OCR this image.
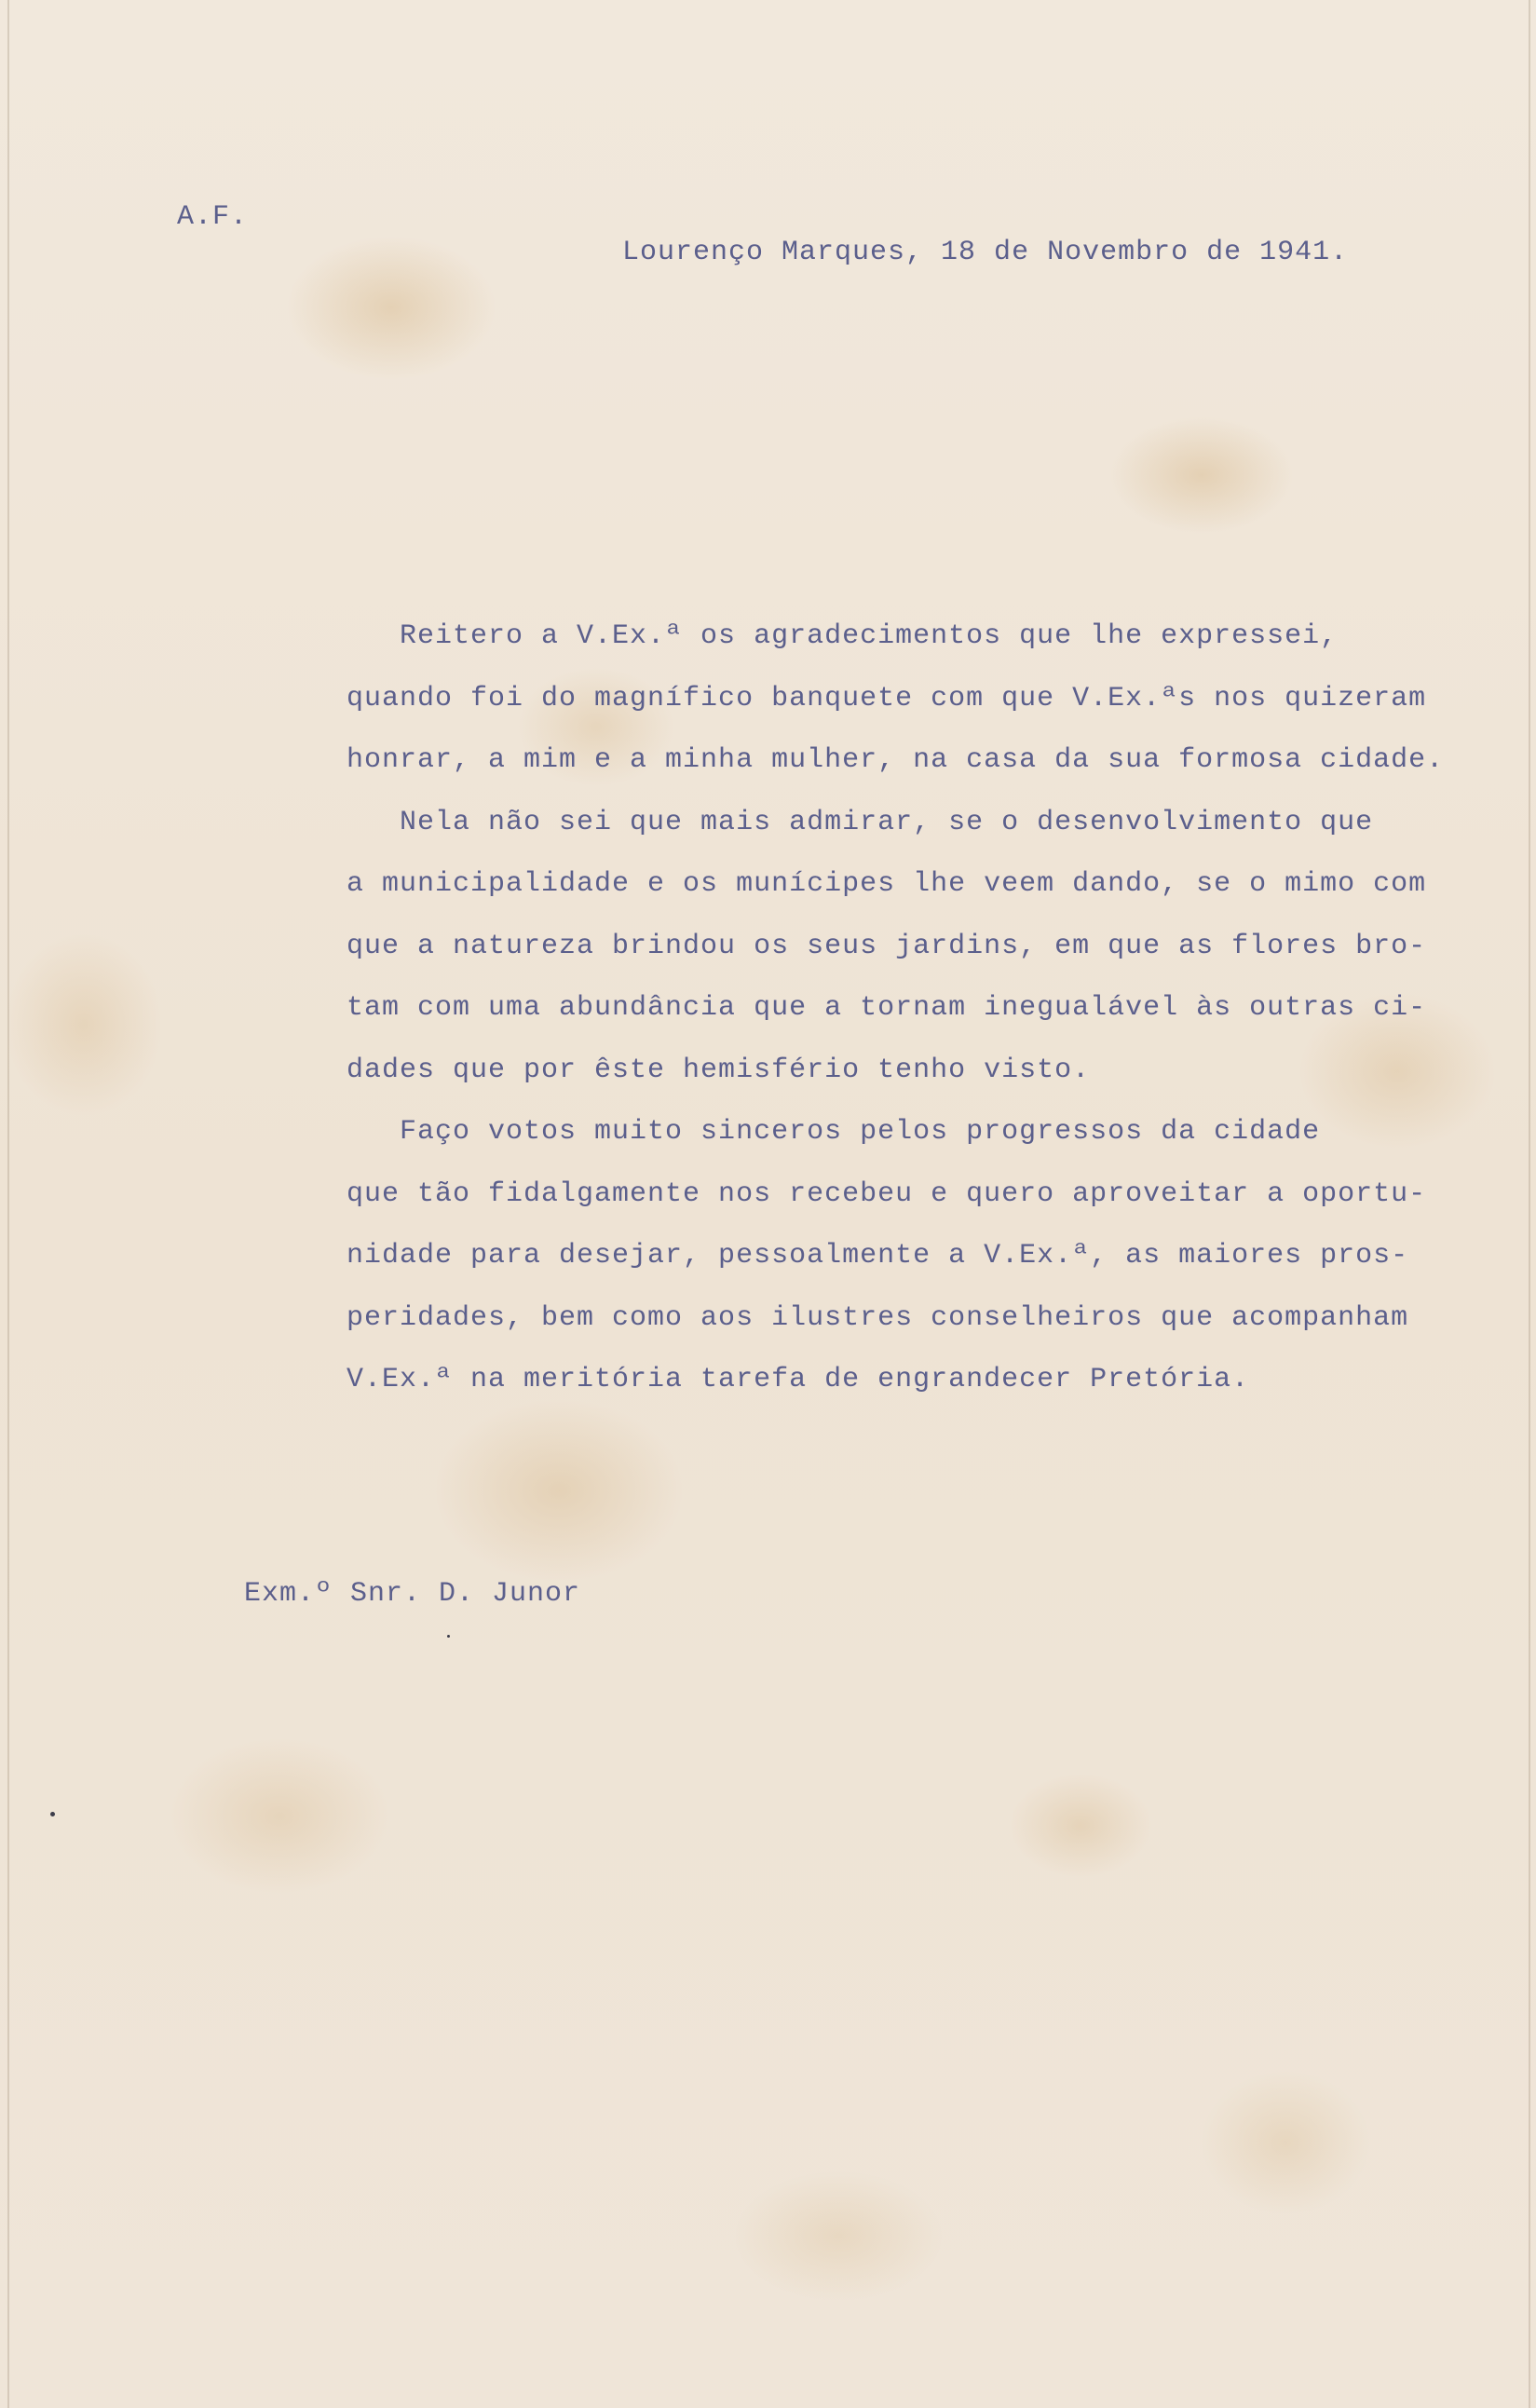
A.F.

Lourenço Marques, 18 de Novembro de 1941.

Reitero a V.Ex.ª os agradecimentos que lhe expressei,
quando foi do magnífico banquete com que V.Ex.ªs nos quizeram
honrar, a mim e a minha mulher, na casa da sua formosa cidade.
Nela não sei que mais admirar, se o desenvolvimento que
a municipalidade e os munícipes lhe veem dando, se o mimo com
que a natureza brindou os seus jardins, em que as flores bro-
tam com uma abundância que a tornam inegualável às outras ci-
dades que por êste hemisfério tenho visto.
Faço votos muito sinceros pelos progressos da cidade
que tão fidalgamente nos recebeu e quero aproveitar a oportu-
nidade para desejar, pessoalmente a V.Ex.ª, as maiores pros-
peridades, bem como aos ilustres conselheiros que acompanham
V.Ex.ª na meritória tarefa de engrandecer Pretória.

Exm.º Snr. D. Junor
